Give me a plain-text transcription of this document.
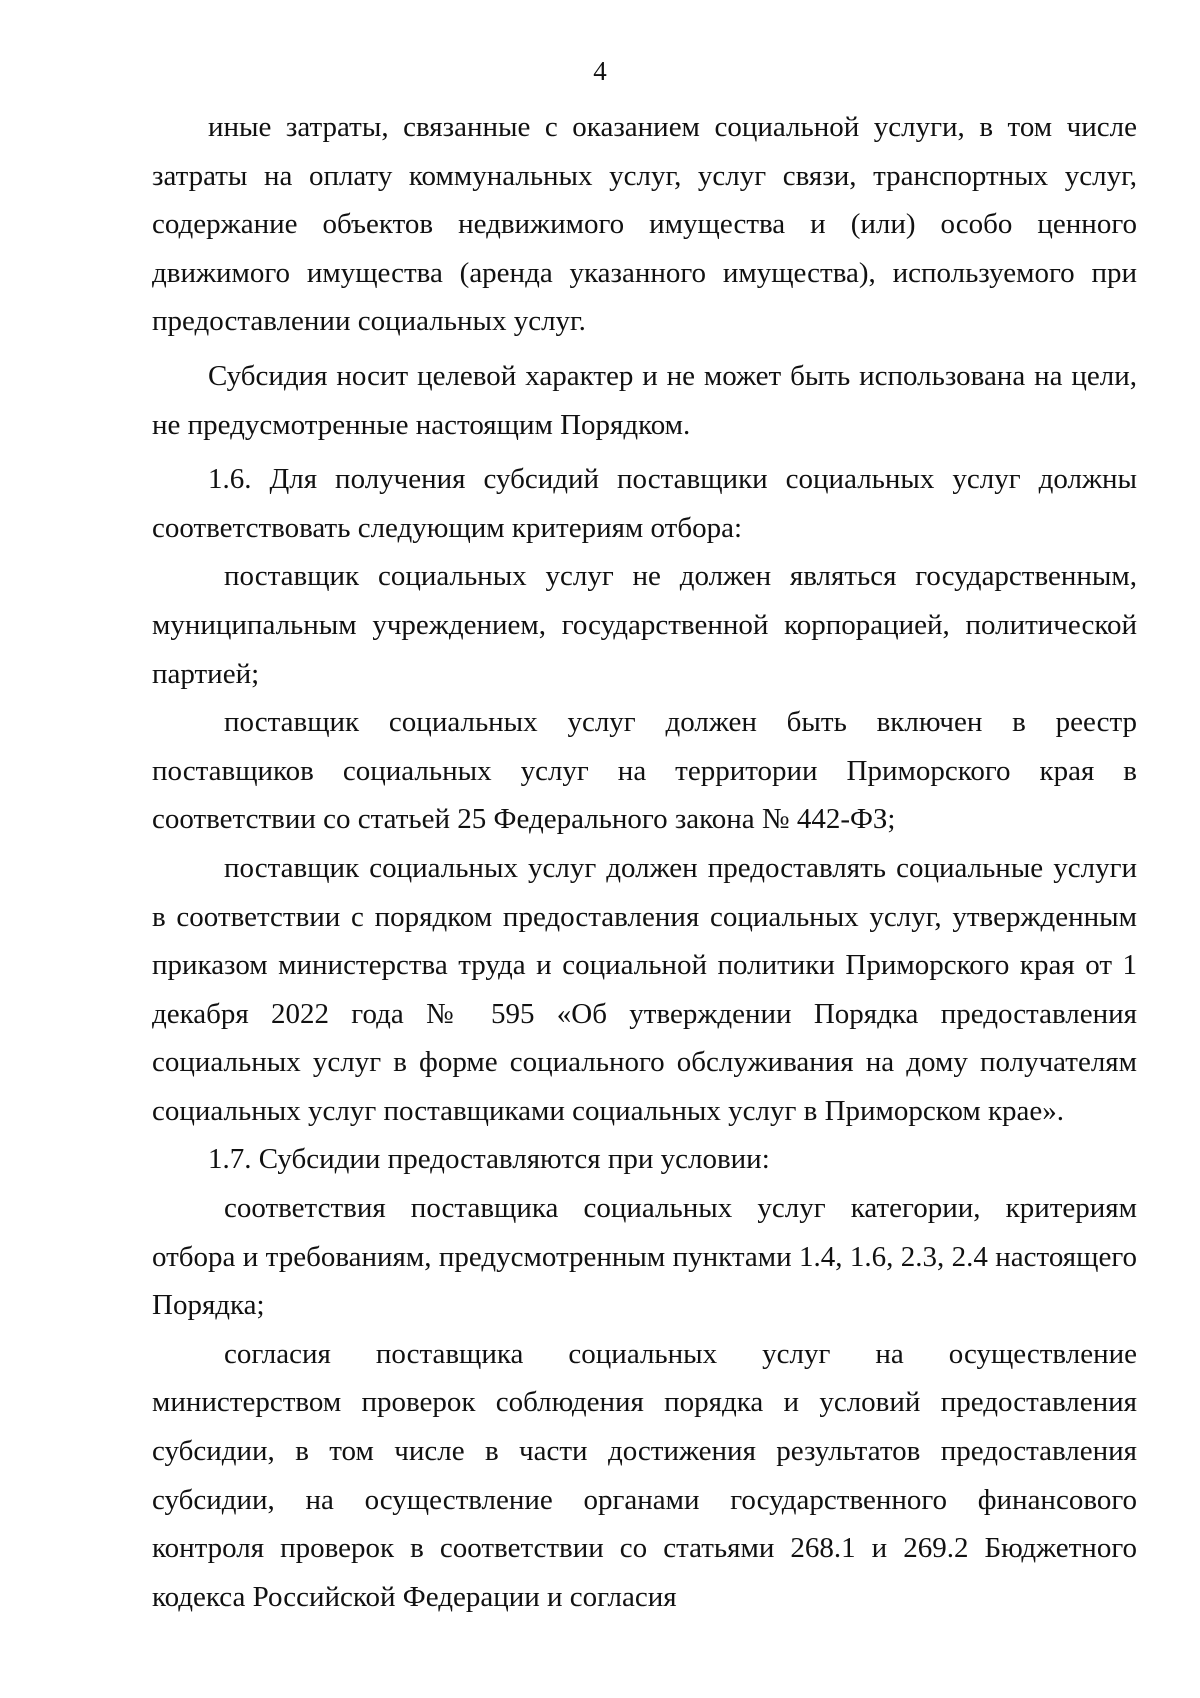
4

иные затраты, связанные с оказанием социальной услуги, в том числе затраты на оплату коммунальных услуг, услуг связи, транспортных услуг, содержание объектов недвижимого имущества и (или) особо ценного движимого имущества (аренда указанного имущества), используемого при предоставлении социальных услуг.

Субсидия носит целевой характер и не может быть использована на цели, не предусмотренные настоящим Порядком.

1.6. Для получения субсидий поставщики социальных услуг должны соответствовать следующим критериям отбора:

поставщик социальных услуг не должен являться государственным, муниципальным учреждением, государственной корпорацией, политической партией;

поставщик социальных услуг должен быть включен в реестр поставщиков социальных услуг на территории Приморского края в соответствии со статьей 25 Федерального закона № 442-ФЗ;

поставщик социальных услуг должен предоставлять социальные услуги в соответствии с порядком предоставления социальных услуг, утвержденным приказом министерства труда и социальной политики Приморского края от 1 декабря 2022 года № 595 «Об утверждении Порядка предоставления социальных услуг в форме социального обслуживания на дому получателям социальных услуг поставщиками социальных услуг в Приморском крае».

1.7. Субсидии предоставляются при условии:

соответствия поставщика социальных услуг категории, критериям отбора и требованиям, предусмотренным пунктами 1.4, 1.6, 2.3, 2.4 настоящего Порядка;

согласия поставщика социальных услуг на осуществление министерством проверок соблюдения порядка и условий предоставления субсидии, в том числе в части достижения результатов предоставления субсидии, на осуществление органами государственного финансового контроля проверок в соответствии со статьями 268.1 и 269.2 Бюджетного кодекса Российской Федерации и согласия
